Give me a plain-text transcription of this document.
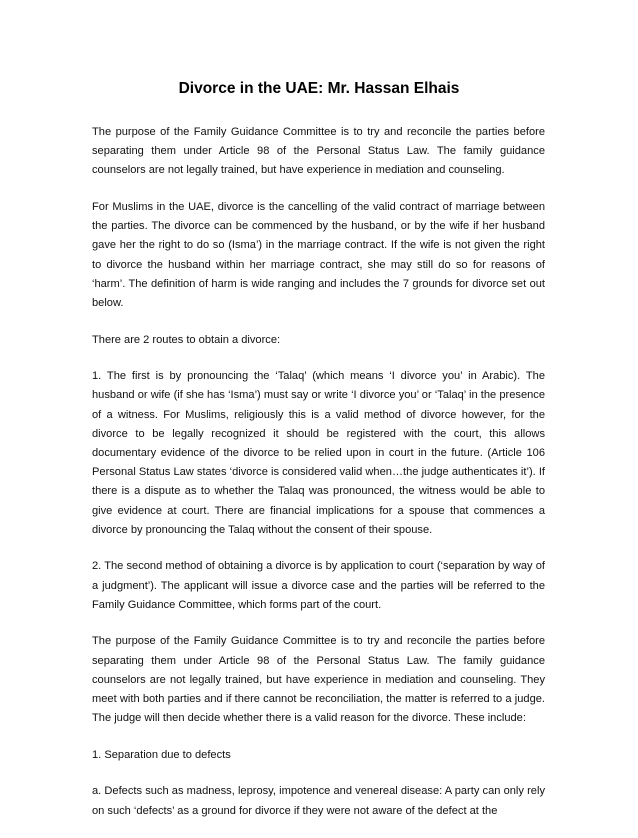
Divorce in the UAE: Mr. Hassan Elhais

The purpose of the Family Guidance Committee is to try and reconcile the parties before separating them under Article 98 of the Personal Status Law. The family guidance counselors are not legally trained, but have experience in mediation and counseling.

For Muslims in the UAE, divorce is the cancelling of the valid contract of marriage between the parties. The divorce can be commenced by the husband, or by the wife if her husband gave her the right to do so (Isma’) in the marriage contract. If the wife is not given the right to divorce the husband within her marriage contract, she may still do so for reasons of ‘harm’. The definition of harm is wide ranging and includes the 7 grounds for divorce set out below.

There are 2 routes to obtain a divorce:

1. The first is by pronouncing the ‘Talaq’ (which means ‘I divorce you’ in Arabic). The husband or wife (if she has ‘Isma’) must say or write ‘I divorce you’ or ‘Talaq’ in the presence of a witness. For Muslims, religiously this is a valid method of divorce however, for the divorce to be legally recognized it should be registered with the court, this allows documentary evidence of the divorce to be relied upon in court in the future. (Article 106 Personal Status Law states ‘divorce is considered valid when…the judge authenticates it’). If there is a dispute as to whether the Talaq was pronounced, the witness would be able to give evidence at court. There are financial implications for a spouse that commences a divorce by pronouncing the Talaq without the consent of their spouse.

2. The second method of obtaining a divorce is by application to court (‘separation by way of a judgment’). The applicant will issue a divorce case and the parties will be referred to the Family Guidance Committee, which forms part of the court.

The purpose of the Family Guidance Committee is to try and reconcile the parties before separating them under Article 98 of the Personal Status Law. The family guidance counselors are not legally trained, but have experience in mediation and counseling. They meet with both parties and if there cannot be reconciliation, the matter is referred to a judge. The judge will then decide whether there is a valid reason for the divorce. These include:

1. Separation due to defects

a. Defects such as madness, leprosy, impotence and venereal disease: A party can only rely on such ‘defects’ as a ground for divorce if they were not aware of the defect at the
